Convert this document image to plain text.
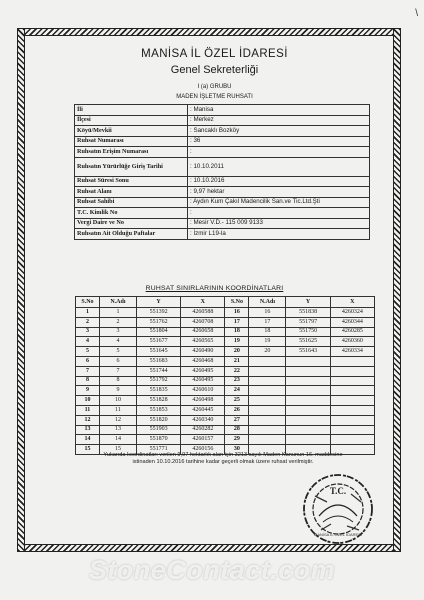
\
MANİSA İL ÖZEL İDARESİ
Genel Sekreterliği
I (a) GRUBU
MADEN İŞLETME RUHSATI
İli	: Manisa
İlçesi	: Merkez
Köyü/Mevkii	: Sancaklı Bozköy
Ruhsat Numarası	: 36
Ruhsatın Erişim Numarası	:
Ruhsatın Yürürlüğe Giriş Tarihi	: 10.10.2011
Ruhsat Süresi Sonu	: 10.10.2016
Ruhsat Alanı	: 9,97 hektar
Ruhsat Sahibi	: Aydın Kum Çakıl Madencilik San.ve Tic.Ltd.Şti
T.C. Kimlik No	:
Vergi Daire ve No	: Mesir V.D.- 115 009 9133
Ruhsatın Ait Olduğu Paftalar	: İzmir L19-la
RUHSAT SINIRLARININ KOORDİNATLARI
S.No	N.Adı	Y	X	S.No	N.Adı	Y	X
1	1	551392	4260588	16	16	551838	4260324
2	2	551762	4260708	17	17	551797	4260344
3	3	551804	4260658	18	18	551750	4260285
4	4	551677	4260565	19	19	551625	4260360
5	5	551645	4260490	20	20	551643	4260334
6	6	551683	4260468	21			
7	7	551744	4260495	22			
8	8	551792	4260495	23			
9	9	551835	4260610	24			
10	10	551828	4260498	25			
11	11	551853	4260445	26			
12	12	551820	4260340	27			
13	13	551903	4260282	28			
14	14	551870	4260157	29			
15	15	551771	4260156	30			
Yukarıda koordinatları verilen 9,97 hektarlık alan için 3213 sayılı Maden Kanunun 16. maddesine
istinaden 10.10.2016 tarihine kadar geçerli olmak üzere ruhsat verilmiştir.
T.C.
MANİSA İL ÖZEL İDARESİ
StoneContact.com
